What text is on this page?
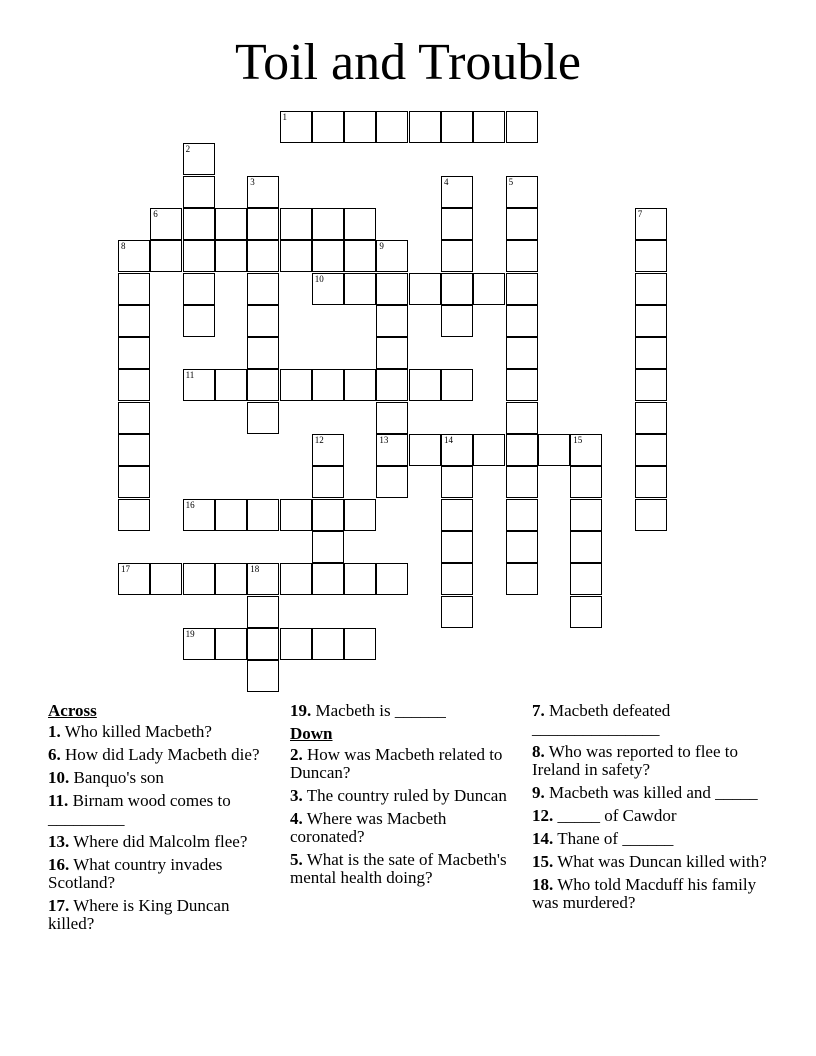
Toil and Trouble
1
2
3	4	5
6	7
8	9
10
11
12	13	14	15
16
17	18
19
Across
1. Who killed Macbeth?
6. How did Lady Macbeth die?
10. Banquo's son
11. Birnam wood comes to _________
13. Where did Malcolm flee?
16. What country invades Scotland?
17. Where is King Duncan killed?
19. Macbeth is ______
Down
2. How was Macbeth related to Duncan?
3. The country ruled by Duncan
4. Where was Macbeth coronated?
5. What is the sate of Macbeth's mental health doing?
7. Macbeth defeated _______________
8. Who was reported to flee to Ireland in safety?
9. Macbeth was killed and _____
12. _____ of Cawdor
14. Thane of ______
15. What was Duncan killed with?
18. Who told Macduff his family was murdered?
